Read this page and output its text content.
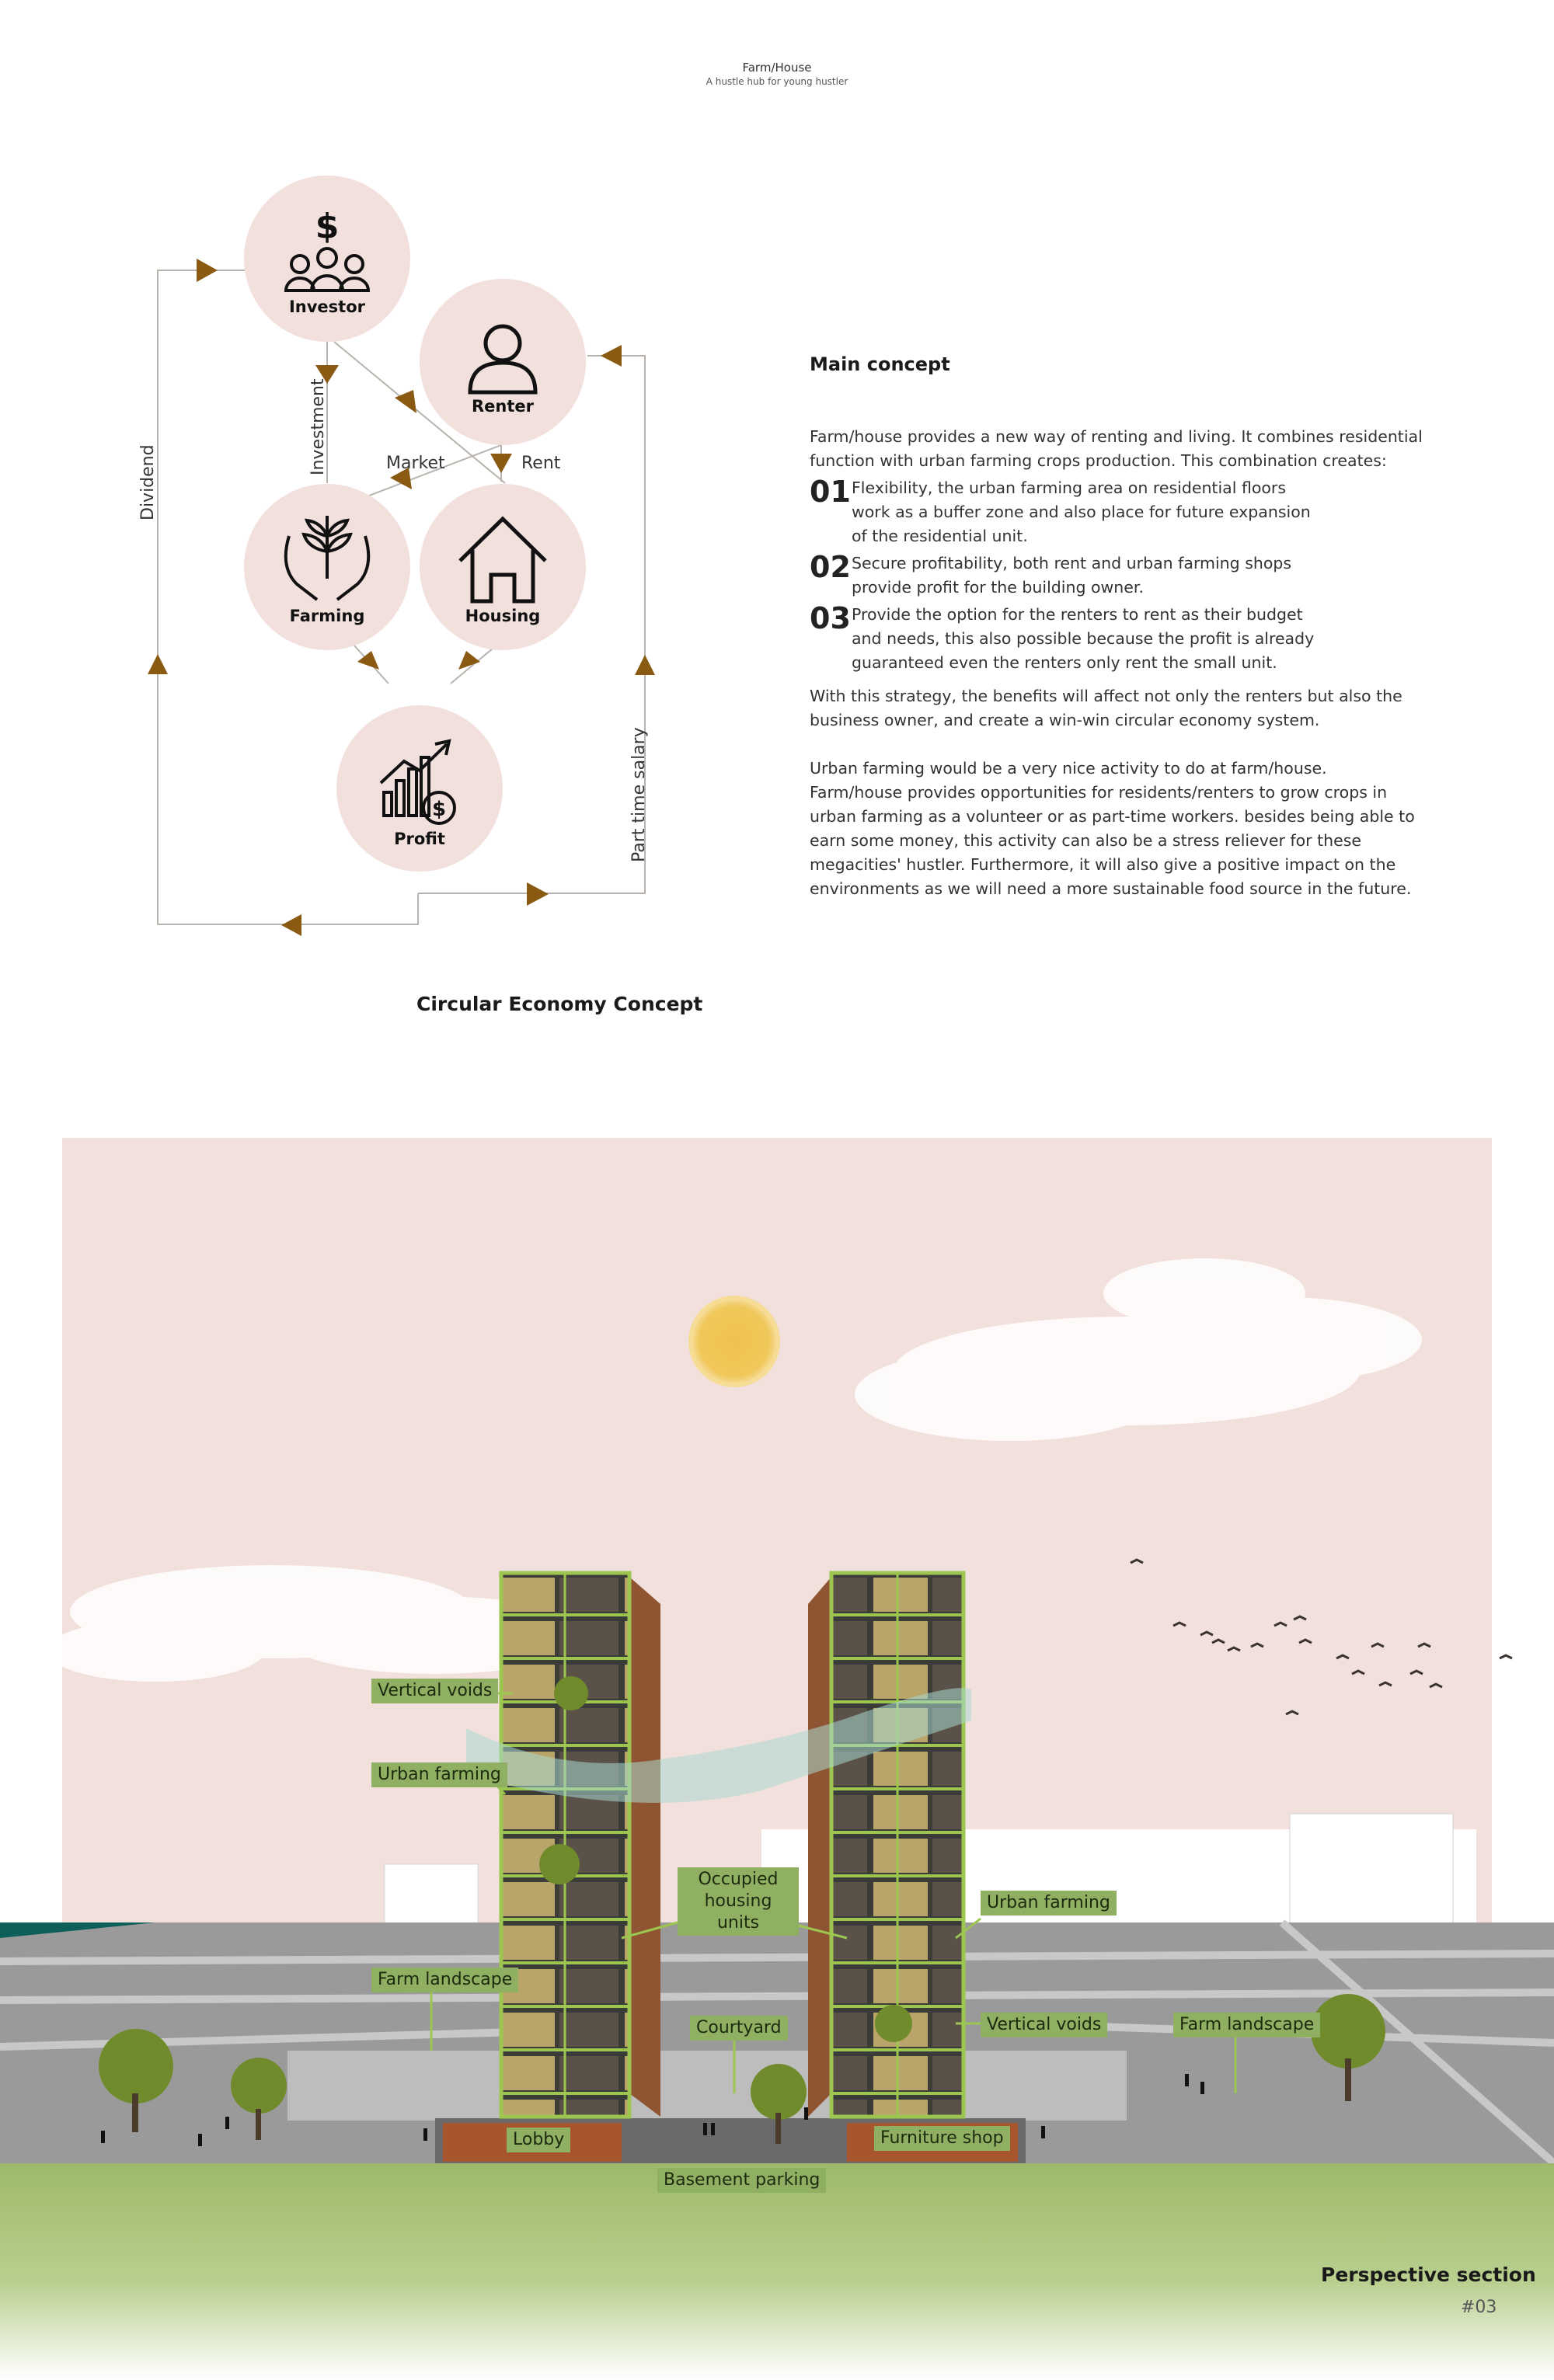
Farm/House
A hustle hub for young hustler
$
Investor
Renter
Farming	Housing
$
Profit
Dividend
Investment	Market	Rent
Part time salary
Main concept

Farm/house provides a new way of renting and living. It combines residential function with urban farming crops production. This combination creates:

01 Flexibility, the urban farming area on residential floors work as a buffer zone and also place for future expansion of the residential unit.
02 Secure profitability, both rent and urban farming shops provide profit for the building owner.
03 Provide the option for the renters to rent as their budget and needs, this also possible because the profit is already guaranteed even the renters only rent the small unit.

With this strategy, the benefits will affect not only the renters but also the business owner, and create a win-win circular economy system.

Urban farming would be a very nice activity to do at farm/house. Farm/house provides opportunities for residents/renters to grow crops in urban farming as a volunteer or as part-time workers. besides being able to earn some money, this activity can also be a stress reliever for these megacities' hustler. Furthermore, it will also give a positive impact on the environments as we will need a more sustainable food source in the future.

Circular Economy Concept
Vertical voids
Urban farming
Farm landscape
Occupied housing units
Courtyard
Lobby
Basement parking
Furniture shop
Urban farming
Vertical voids	Farm landscape
Perspective section
#03
